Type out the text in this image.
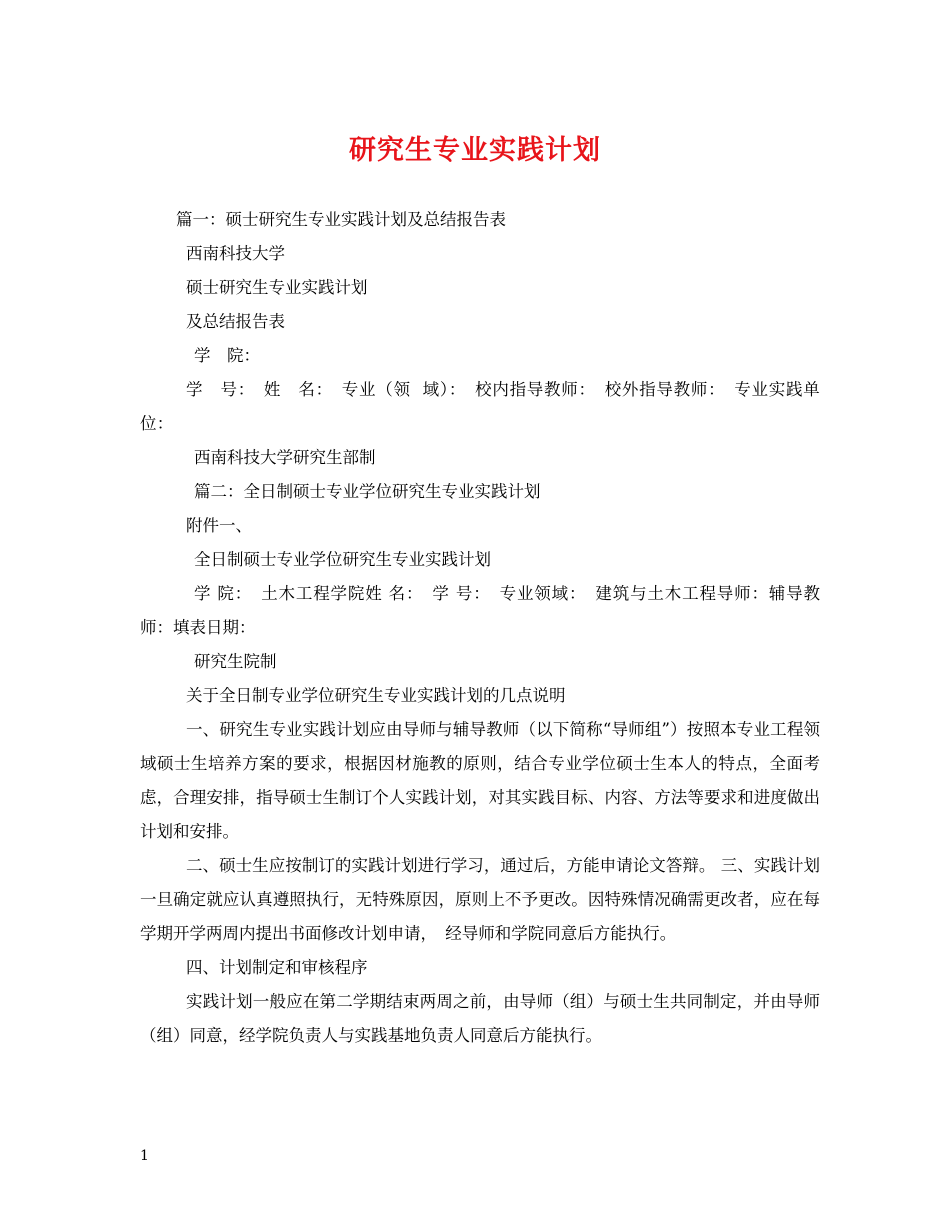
研究生专业实践计划
篇一：硕士研究生专业实践计划及总结报告表
西南科技大学
硕士研究生专业实践计划
及总结报告表
学　院：
学　号：　姓　名：　专业（领 域）：　校内指导教师：　校外指导教师：　专业实践单位：
西南科技大学研究生部制
篇二：全日制硕士专业学位研究生专业实践计划
附件一、
全日制硕士专业学位研究生专业实践计划
学 院：　土木工程学院姓 名：　学 号：　专业领域：　建筑与土木工程导师：辅导教师：填表日期：
研究生院制
关于全日制专业学位研究生专业实践计划的几点说明
一、研究生专业实践计划应由导师与辅导教师（以下简称“导师组”）按照本专业工程领域硕士生培养方案的要求，根据因材施教的原则，结合专业学位硕士生本人的特点，全面考虑，合理安排，指导硕士生制订个人实践计划，对其实践目标、内容、方法等要求和进度做出计划和安排。
二、硕士生应按制订的实践计划进行学习，通过后，方能申请论文答辩。 三、实践计划一旦确定就应认真遵照执行，无特殊原因，原则上不予更改。因特殊情况确需更改者，应在每学期开学两周内提出书面修改计划申请，　经导师和学院同意后方能执行。
四、计划制定和审核程序
实践计划一般应在第二学期结束两周之前，由导师（组）与硕士生共同制定，并由导师（组）同意，经学院负责人与实践基地负责人同意后方能执行。
1
